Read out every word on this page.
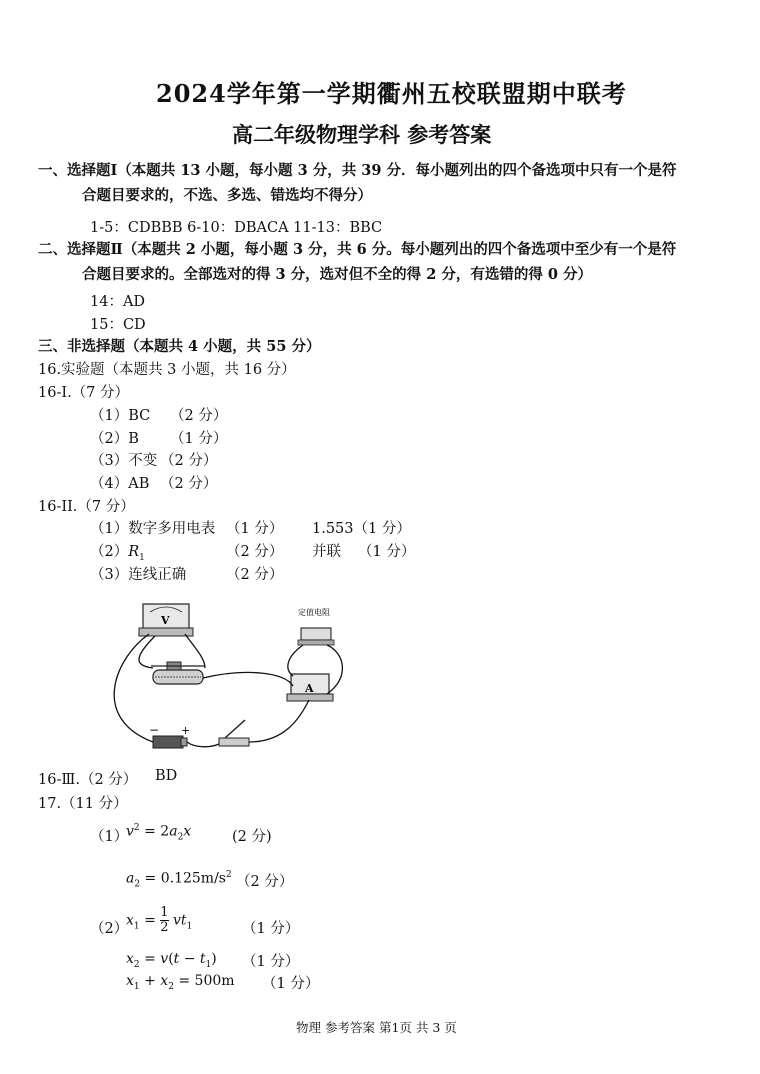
2024学年第一学期衢州五校联盟期中联考
高二年级物理学科 参考答案
一、选择题Ⅰ（本题共 13 小题，每小题 3 分，共 39 分．每小题列出的四个备选项中只有一个是符
合题目要求的，不选、多选、错选均不得分）
1-5：CDBBB 6-10：DBACA 11-13：BBC
二、选择题Ⅱ（本题共 2 小题，每小题 3 分，共 6 分。每小题列出的四个备选项中至少有一个是符
合题目要求的。全部选对的得 3 分，选对但不全的得 2 分，有选错的得 0 分）
14：AD
15：CD
三、非选择题（本题共 4 小题，共 55 分）
16.实验题（本题共 3 小题，共 16 分）
16-I.（7 分）
（1）BC （2 分）
（2）B （1 分）
（3）不变 （2 分）
（4）AB （2 分）
16-II.（7 分）
（1）数字多用电表 （1 分） 1.553（1 分）
$(2)R_1$	（2 分） 并联 （1 分）
（3）连线正确	（2 分）
V
A
定值电阻
− +
16-Ⅲ.（2 分） BD
17.（11 分）
（1）
$v^2 = 2a_2x$	(2 分)
$a_2 = 0.125m/s^2$ （2 分）
（2）
$x_1 = \frac{1}{2} vt_1$	（1 分）
$x_2 = v(t - t_1)$ （1 分）
$x_1 + x_2 = 500m$ （1 分）
物理 参考答案 第1页 共 3 页
